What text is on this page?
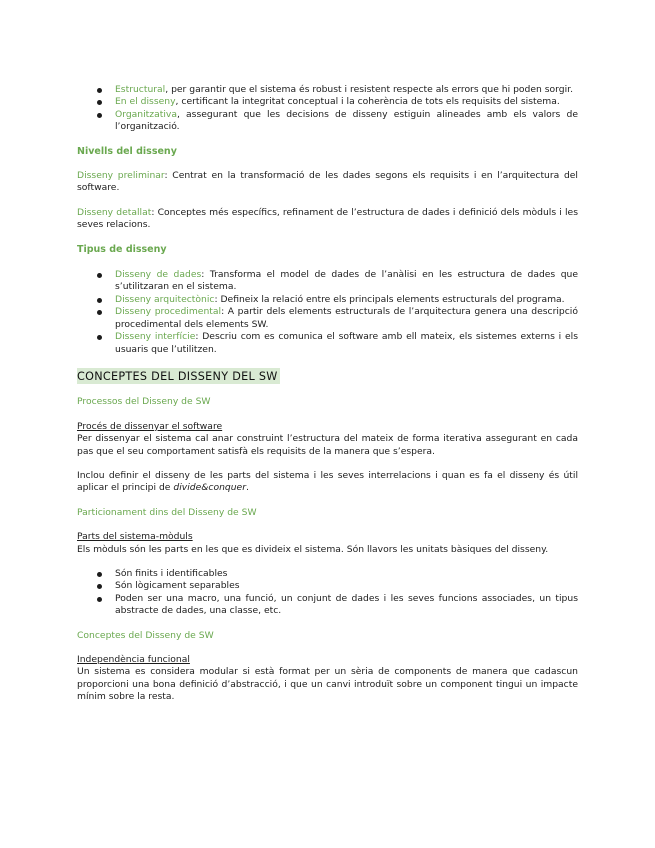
Estructural, per garantir que el sistema és robust i resistent respecte als errors que hi poden sorgir.
En el disseny, certificant la integritat conceptual i la coherència de tots els requisits del sistema.
Organitzativa, assegurant que les decisions de disseny estiguin alineades amb els valors de l’organització.
Nivells del disseny

Disseny preliminar: Centrat en la transformació de les dades segons els requisits i en l’arquitectura del software.

Disseny detallat: Conceptes més específics, refinament de l’estructura de dades i definició dels mòduls i les seves relacions.

Tipus de disseny
Disseny de dades: Transforma el model de dades de l’anàlisi en les estructura de dades que s’utilitzaran en el sistema.
Disseny arquitectònic: Defineix la relació entre els principals elements estructurals del programa.
Disseny procedimental: A partir dels elements estructurals de l’arquitectura genera una descripció procedimental dels elements SW.
Disseny interfície: Descriu com es comunica el software amb ell mateix, els sistemes externs i els usuaris que l’utilitzen.
CONCEPTES DEL DISSENY DEL SW
Processos del Disseny de SW

Procés de dissenyar el software

Per dissenyar el sistema cal anar construint l’estructura del mateix de forma iterativa assegurant en cada pas que el seu comportament satisfà els requisits de la manera que s’espera.

Inclou definir el disseny de les parts del sistema i les seves interrelacions i quan es fa el disseny és útil aplicar el principi de divide&conquer.

Particionament dins del Disseny de SW

Parts del sistema-mòduls

Els mòduls són les parts en les que es divideix el sistema. Són llavors les unitats bàsiques del disseny.

Són finits i identificables
Són lògicament separables
Poden ser una macro, una funció, un conjunt de dades i les seves funcions associades, un tipus abstracte de dades, una classe, etc.
Conceptes del Disseny de SW

Independència funcional

Un sistema es considera modular si està format per un sèria de components de manera que cadascun proporcioni una bona definició d’abstracció, i que un canvi introduït sobre un component tingui un impacte mínim sobre la resta.
